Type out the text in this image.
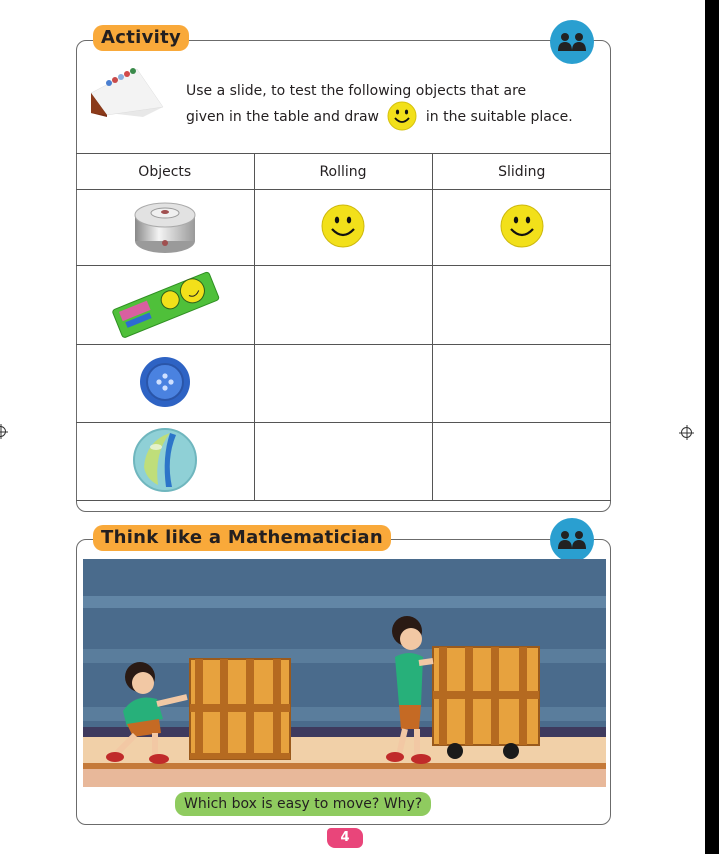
Activity
Use a slide, to test the following objects that are
given in the table and draw	in the suitable place.
Objects	Rolling	Sliding

Think like a Mathematician
Which box is easy to move? Why?
4
